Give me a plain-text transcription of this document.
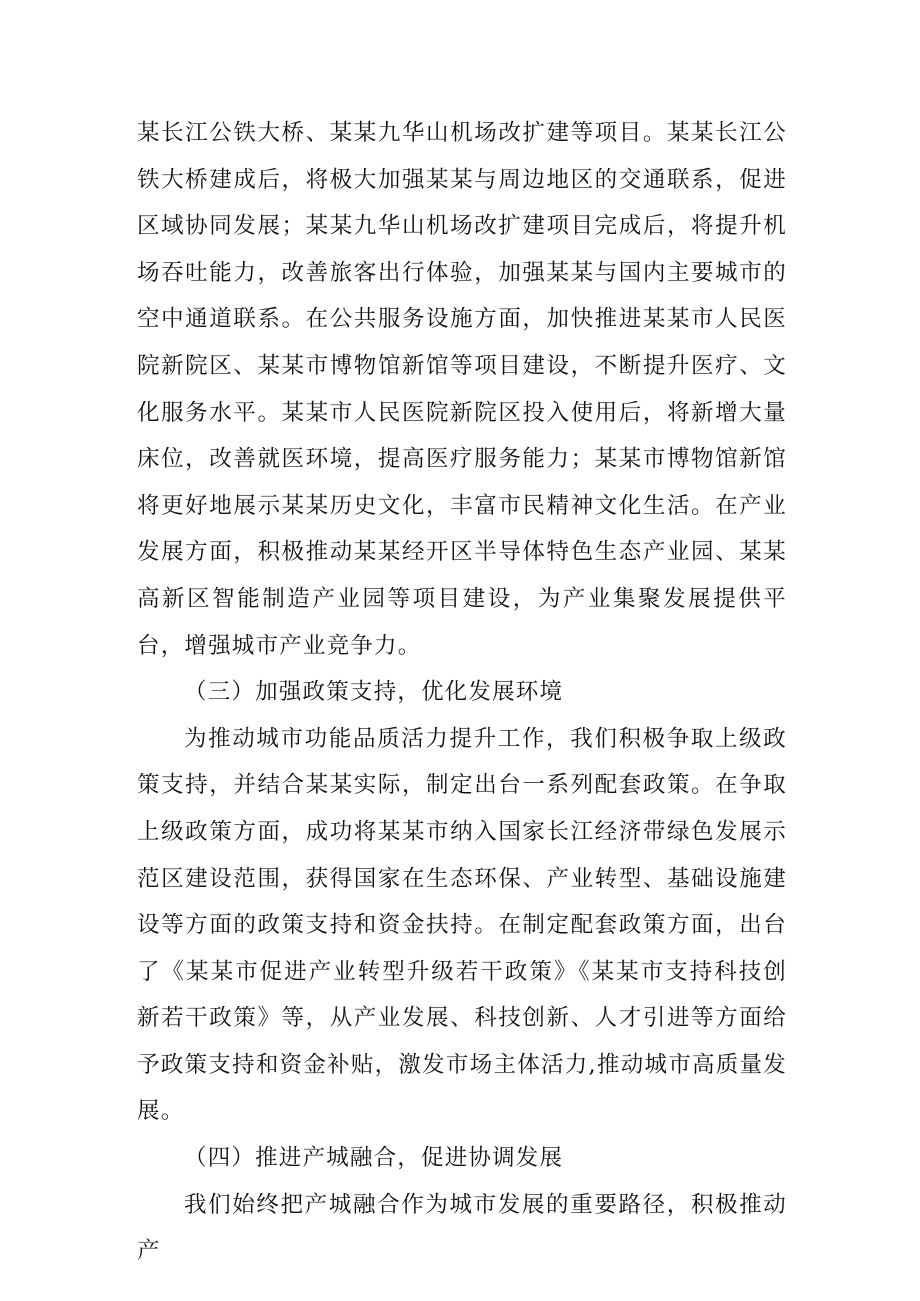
某长江公铁大桥、某某九华山机场改扩建等项目。某某长江公铁大桥建成后，将极大加强某某与周边地区的交通联系，促进区域协同发展；某某九华山机场改扩建项目完成后，将提升机场吞吐能力，改善旅客出行体验，加强某某与国内主要城市的空中通道联系。在公共服务设施方面，加快推进某某市人民医院新院区、某某市博物馆新馆等项目建设，不断提升医疗、文化服务水平。某某市人民医院新院区投入使用后，将新增大量床位，改善就医环境，提高医疗服务能力；某某市博物馆新馆将更好地展示某某历史文化，丰富市民精神文化生活。在产业发展方面，积极推动某某经开区半导体特色生态产业园、某某高新区智能制造产业园等项目建设，为产业集聚发展提供平台，增强城市产业竞争力。

（三）加强政策支持，优化发展环境

为推动城市功能品质活力提升工作，我们积极争取上级政策支持，并结合某某实际，制定出台一系列配套政策。在争取上级政策方面，成功将某某市纳入国家长江经济带绿色发展示范区建设范围，获得国家在生态环保、产业转型、基础设施建设等方面的政策支持和资金扶持。在制定配套政策方面，出台了《某某市促进产业转型升级若干政策》《某某市支持科技创新若干政策》等，从产业发展、科技创新、人才引进等方面给予政策支持和资金补贴，激发市场主体活力,推动城市高质量发展。

（四）推进产城融合，促进协调发展

我们始终把产城融合作为城市发展的重要路径，积极推动产
